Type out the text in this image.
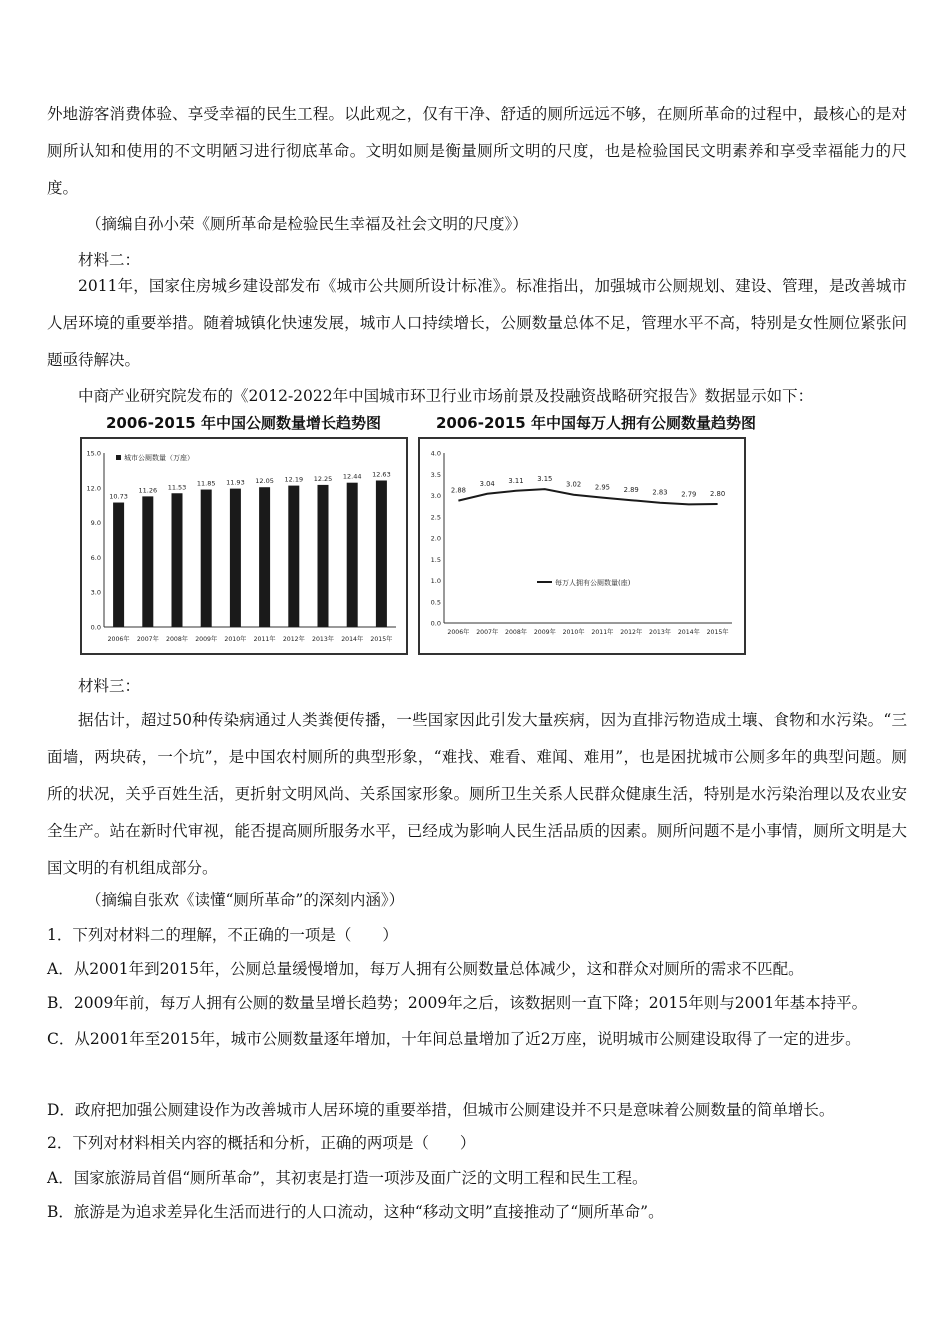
外地游客消费体验、享受幸福的民生工程。以此观之，仅有干净、舒适的厕所远远不够，在厕所革命的过程中，最核心的是对厕所认知和使用的不文明陋习进行彻底革命。文明如厕是衡量厕所文明的尺度，也是检验国民文明素养和享受幸福能力的尺度。

（摘编自孙小荣《厕所革命是检验民生幸福及社会文明的尺度》）

材料二：

2011年，国家住房城乡建设部发布《城市公共厕所设计标准》。标准指出，加强城市公厕规划、建设、管理，是改善城市人居环境的重要举措。随着城镇化快速发展，城市人口持续增长，公厕数量总体不足，管理水平不高，特别是女性厕位紧张问题亟待解决。

中商产业研究院发布的《2012-2022年中国城市环卫行业市场前景及投融资战略研究报告》数据显示如下：

2006-2015 年中国公厕数量增长趋势图
0.0
3.0
6.0
9.0
12.0
15.0
城市公厕数量（万座）
10.73
2006年
11.26
2007年
11.53
2008年
11.85
2009年
11.93
2010年
12.05
2011年
12.19
2012年
12.25
2013年
12.44
2014年
12.63
2015年
2006-2015 年中国每万人拥有公厕数量趋势图
0.0
0.5
1.0
1.5
2.0
2.5
3.0
3.5
4.0
2.88
2006年
3.04
2007年
3.11
2008年
3.15
2009年
3.02
2010年
2.95
2011年
2.89
2012年
2.83
2013年
2.79
2014年
2.80
2015年
每万人拥有公厕数量(座)

材料三：

据估计，超过50种传染病通过人类粪便传播，一些国家因此引发大量疾病，因为直排污物造成土壤、食物和水污染。“三面墙，两块砖，一个坑”，是中国农村厕所的典型形象，“难找、难看、难闻、难用”，也是困扰城市公厕多年的典型问题。厕所的状况，关乎百姓生活，更折射文明风尚、关系国家形象。厕所卫生关系人民群众健康生活，特别是水污染治理以及农业安全生产。站在新时代审视，能否提高厕所服务水平，已经成为影响人民生活品质的因素。厕所问题不是小事情，厕所文明是大国文明的有机组成部分。

（摘编自张欢《读懂“厕所革命”的深刻内涵》）

1．下列对材料二的理解，不正确的一项是（　　）

A．从2001年到2015年，公厕总量缓慢增加，每万人拥有公厕数量总体减少，这和群众对厕所的需求不匹配。

B．2009年前，每万人拥有公厕的数量呈增长趋势；2009年之后，该数据则一直下降；2015年则与2001年基本持平。

C．从2001年至2015年，城市公厕数量逐年增加，十年间总量增加了近2万座，说明城市公厕建设取得了一定的进步。

D．政府把加强公厕建设作为改善城市人居环境的重要举措，但城市公厕建设并不只是意味着公厕数量的简单增长。

2．下列对材料相关内容的概括和分析，正确的两项是（　　）

A．国家旅游局首倡“厕所革命”，其初衷是打造一项涉及面广泛的文明工程和民生工程。

B．旅游是为追求差异化生活而进行的人口流动，这种“移动文明”直接推动了“厕所革命”。
